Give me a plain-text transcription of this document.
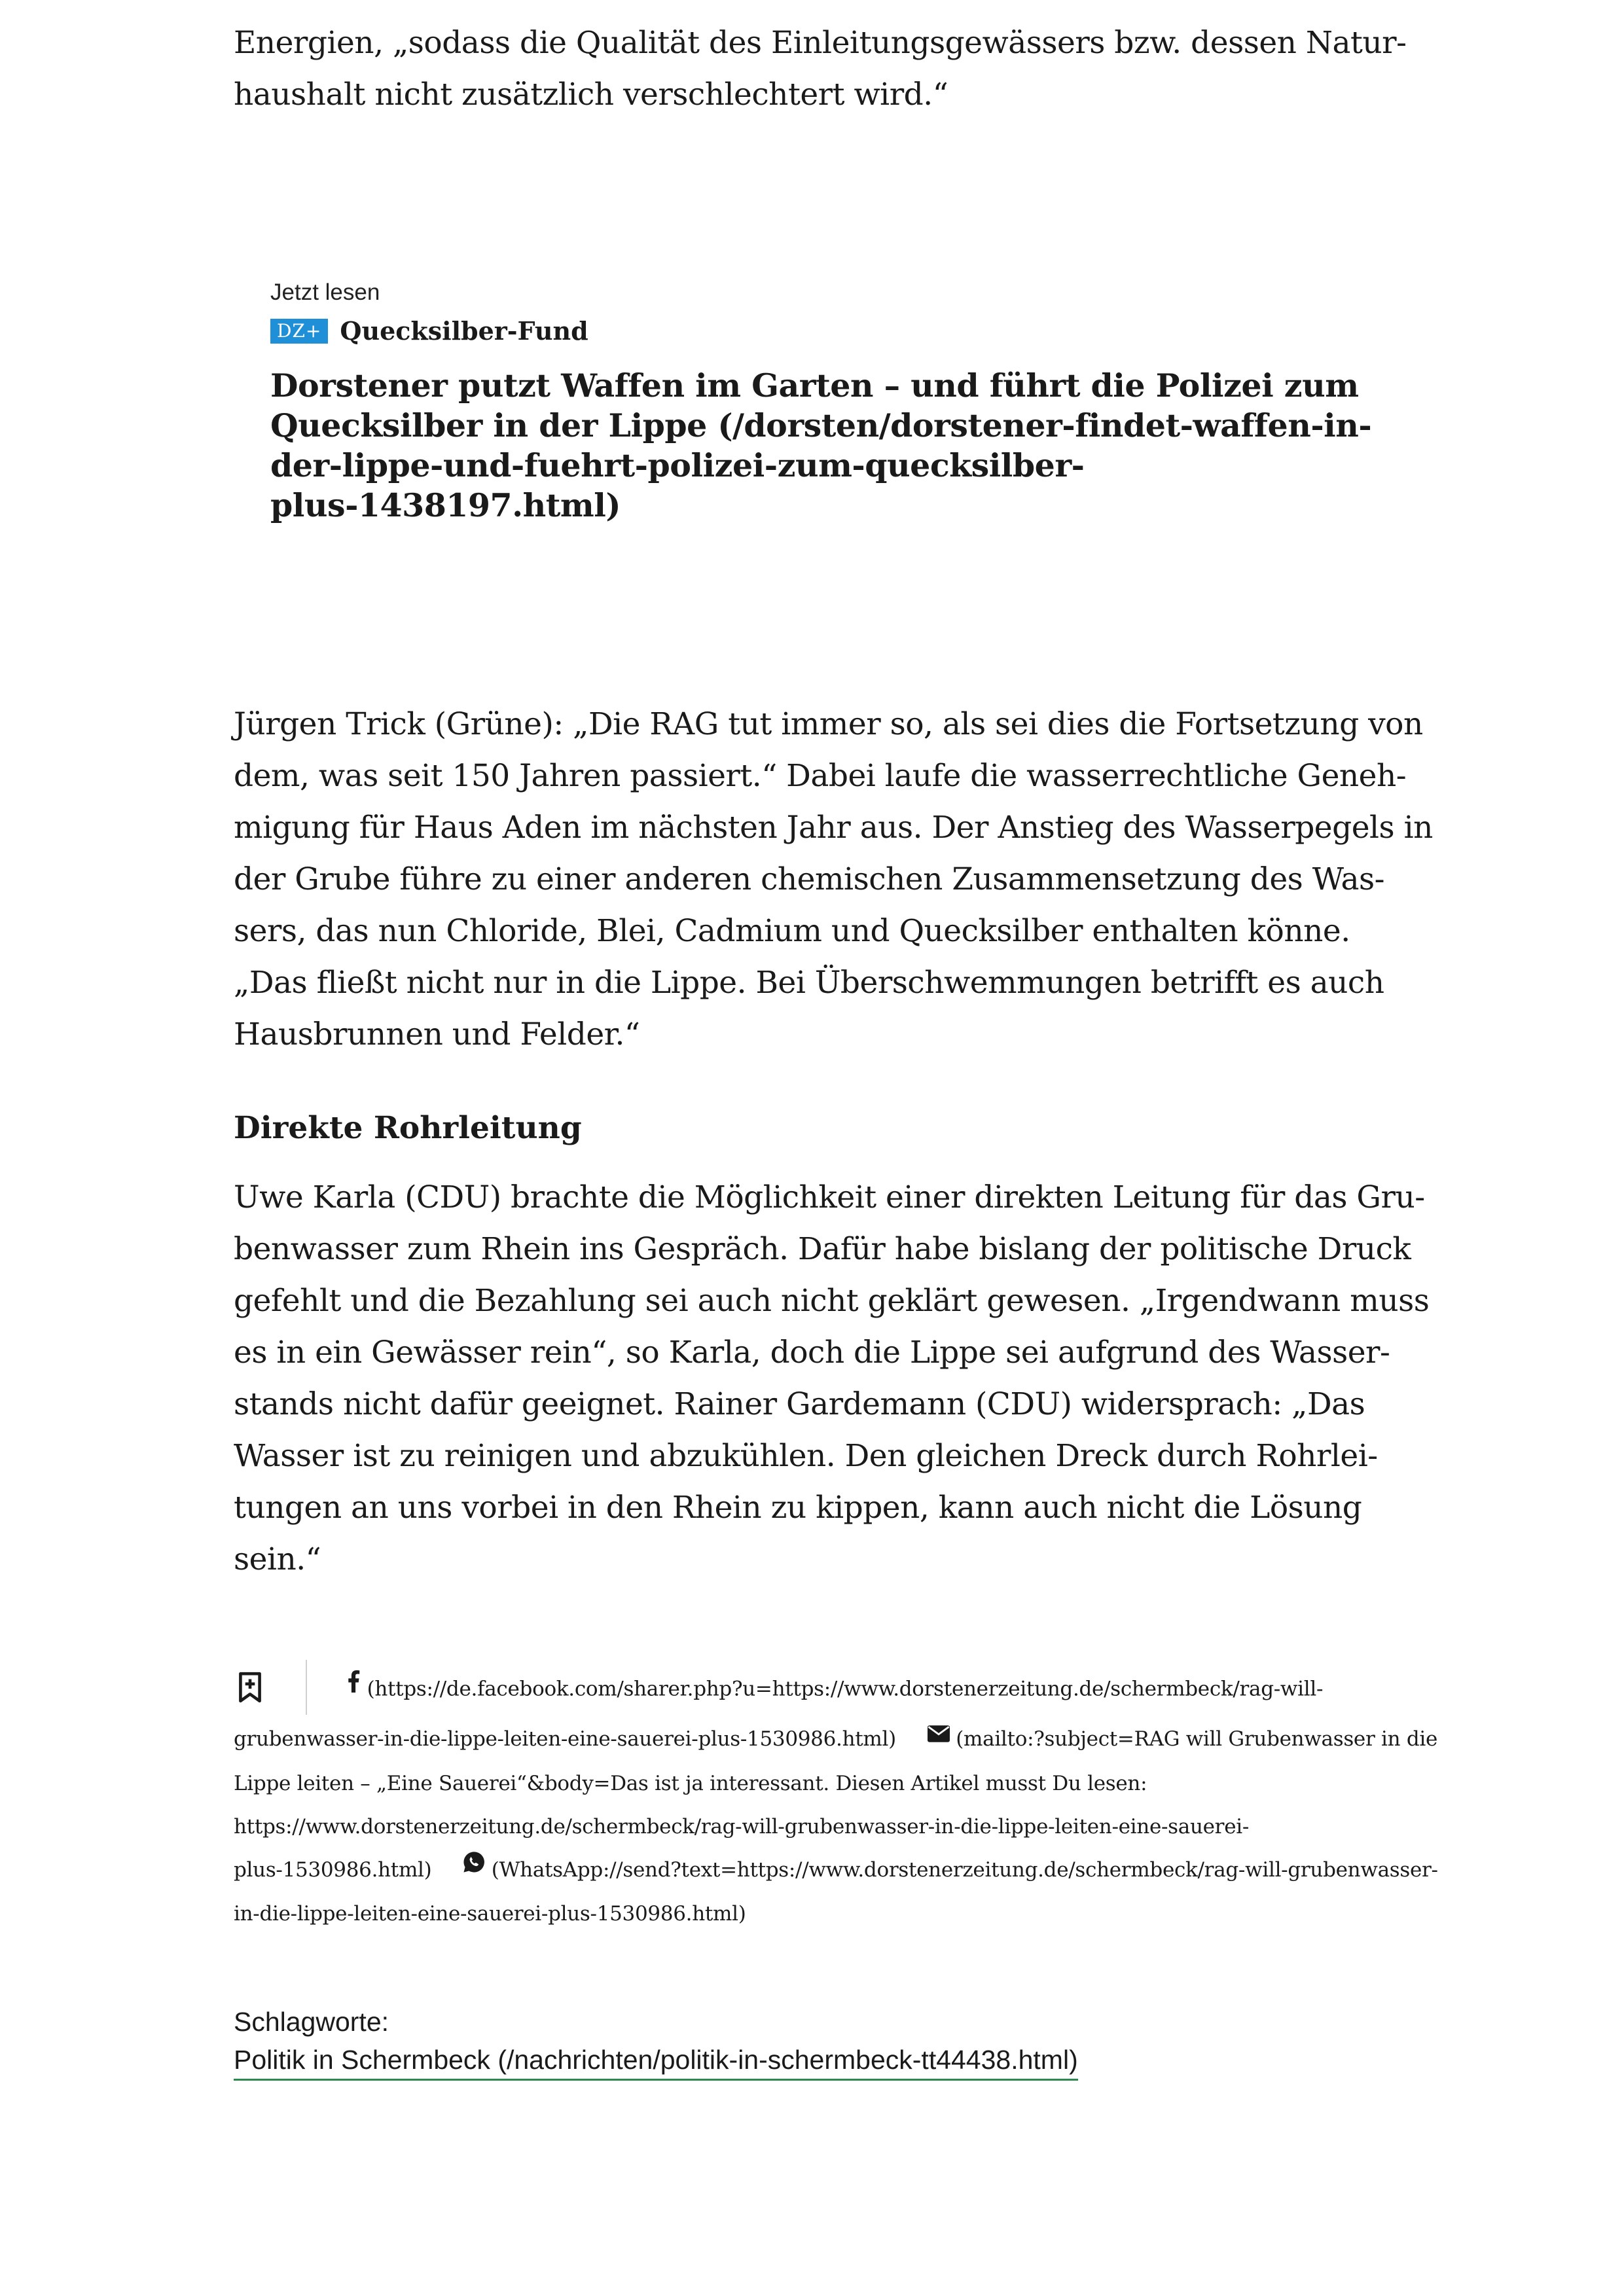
Energien, „sodass die Qualität des Einleitungsgewässers bzw. dessen Natur-
haushalt nicht zusätzlich verschlechtert wird.“

Jetzt lesen
DZ+ Quecksilber-Fund
Dorstener putzt Waffen im Garten – und führt die Polizei zum
Quecksilber in der Lippe (/dorsten/dorstener-findet-waffen-in-
der-lippe-und-fuehrt-polizei-zum-quecksilber-
plus-1438197.html)

Jürgen Trick (Grüne): „Die RAG tut immer so, als sei dies die Fortsetzung von
dem, was seit 150 Jahren passiert.“ Dabei laufe die wasserrechtliche Geneh-
migung für Haus Aden im nächsten Jahr aus. Der Anstieg des Wasserpegels in
der Grube führe zu einer anderen chemischen Zusammensetzung des Was-
sers, das nun Chloride, Blei, Cadmium und Quecksilber enthalten könne.
„Das fließt nicht nur in die Lippe. Bei Überschwemmungen betrifft es auch
Hausbrunnen und Felder.“

Direkte Rohrleitung

Uwe Karla (CDU) brachte die Möglichkeit einer direkten Leitung für das Gru-
benwasser zum Rhein ins Gespräch. Dafür habe bislang der politische Druck
gefehlt und die Bezahlung sei auch nicht geklärt gewesen. „Irgendwann muss
es in ein Gewässer rein“, so Karla, doch die Lippe sei aufgrund des Wasser-
stands nicht dafür geeignet. Rainer Gardemann (CDU) widersprach: „Das
Wasser ist zu reinigen und abzukühlen. Den gleichen Dreck durch Rohrlei-
tungen an uns vorbei in den Rhein zu kippen, kann auch nicht die Lösung
sein.“

(https://de.facebook.com/sharer.php?u=https://www.dorstenerzeitung.de/schermbeck/rag-will-
grubenwasser-in-die-lippe-leiten-eine-sauerei-plus-1530986.html)	(mailto:?subject=RAG will Grubenwasser in die
Lippe leiten – „Eine Sauerei“&body=Das ist ja interessant. Diesen Artikel musst Du lesen:
https://www.dorstenerzeitung.de/schermbeck/rag-will-grubenwasser-in-die-lippe-leiten-eine-sauerei-
plus-1530986.html)	(WhatsApp://send?text=https://www.dorstenerzeitung.de/schermbeck/rag-will-grubenwasser-
in-die-lippe-leiten-eine-sauerei-plus-1530986.html)
Schlagworte:
Politik in Schermbeck (/nachrichten/politik-in-schermbeck-tt44438.html)
